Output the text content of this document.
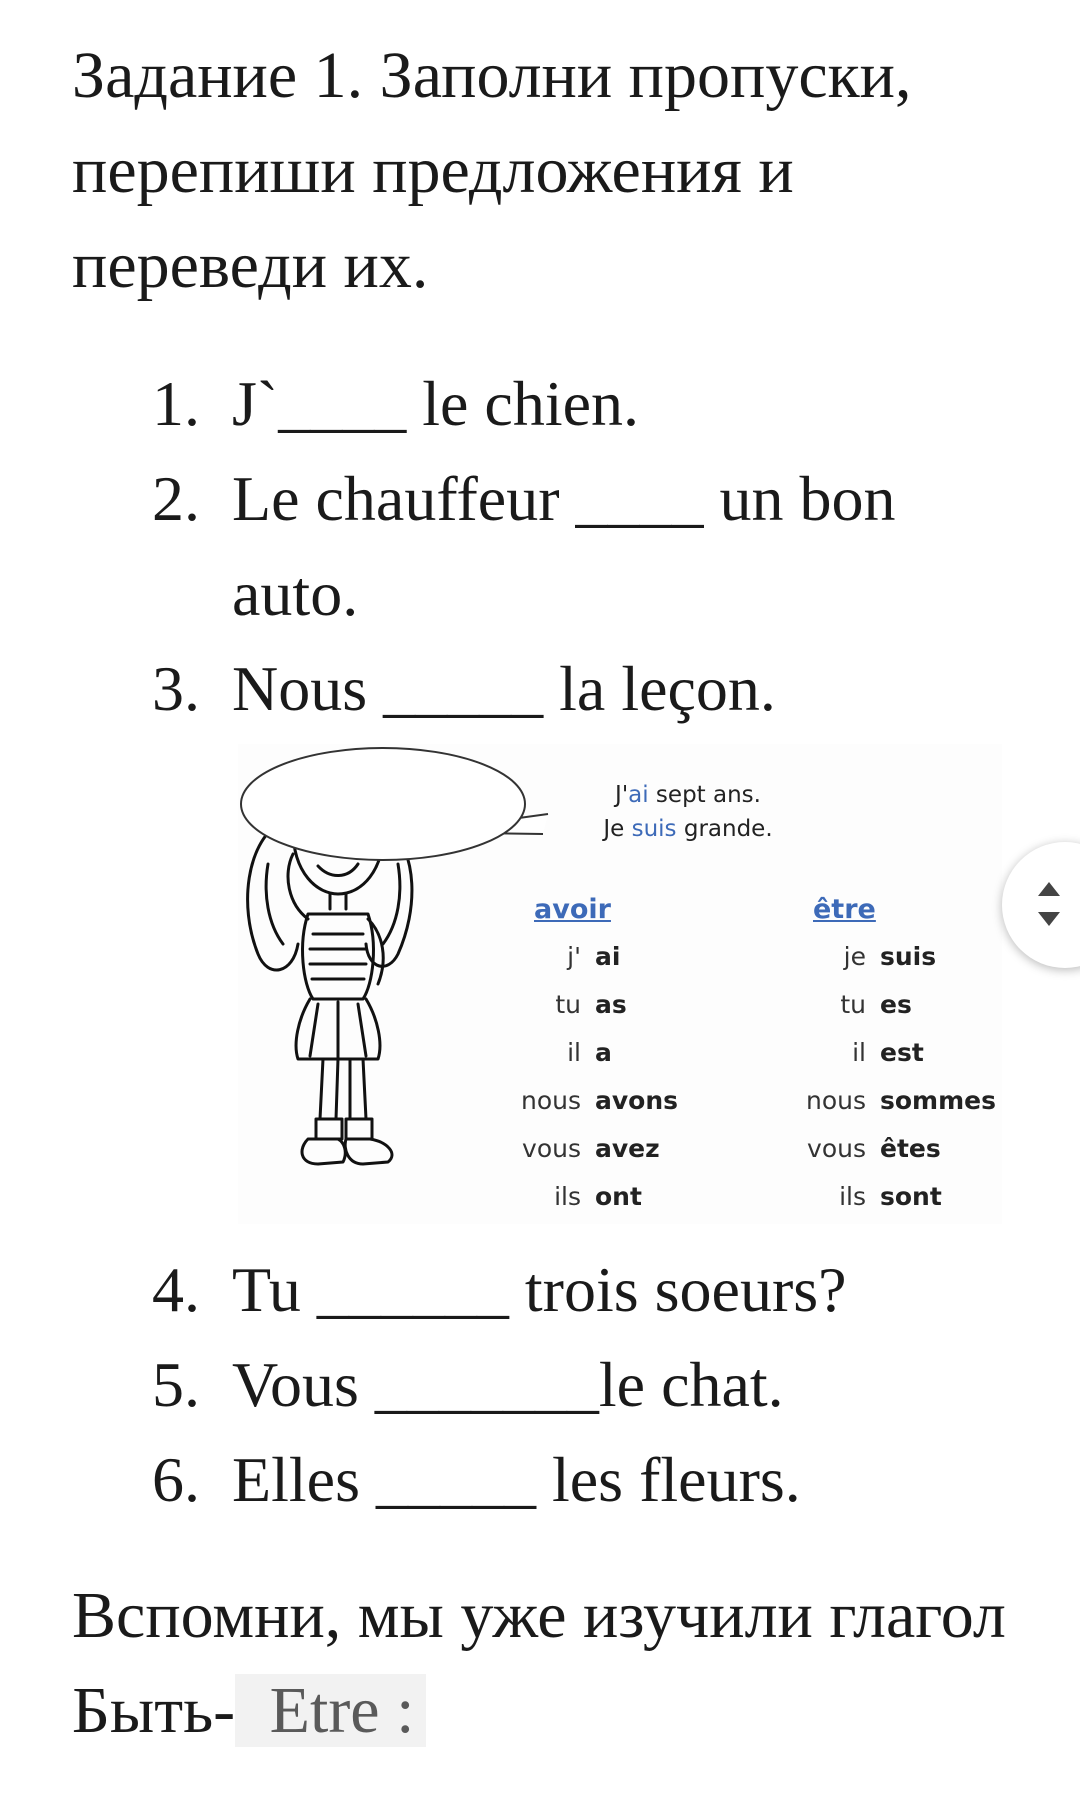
Задание 1. Заполни пропуски, перепиши предложения и переведи их.

1. J`____ le chien.
2. Le chauffeur ____ un bon auto.
3. Nous _____ la leçon.
J'ai sept ans.
Je suis grande.
avoir
j' ai
tu as
il a
nous avons
vous avez
ils ont
être
je suis
tu es
il est
nous sommes
vous êtes
ils sont
4. Tu ______ trois soeurs?
5. Vous _______le chat.
6. Elles _____ les fleurs.

Вспомни, мы уже изучили глагол Быть- Etre :
